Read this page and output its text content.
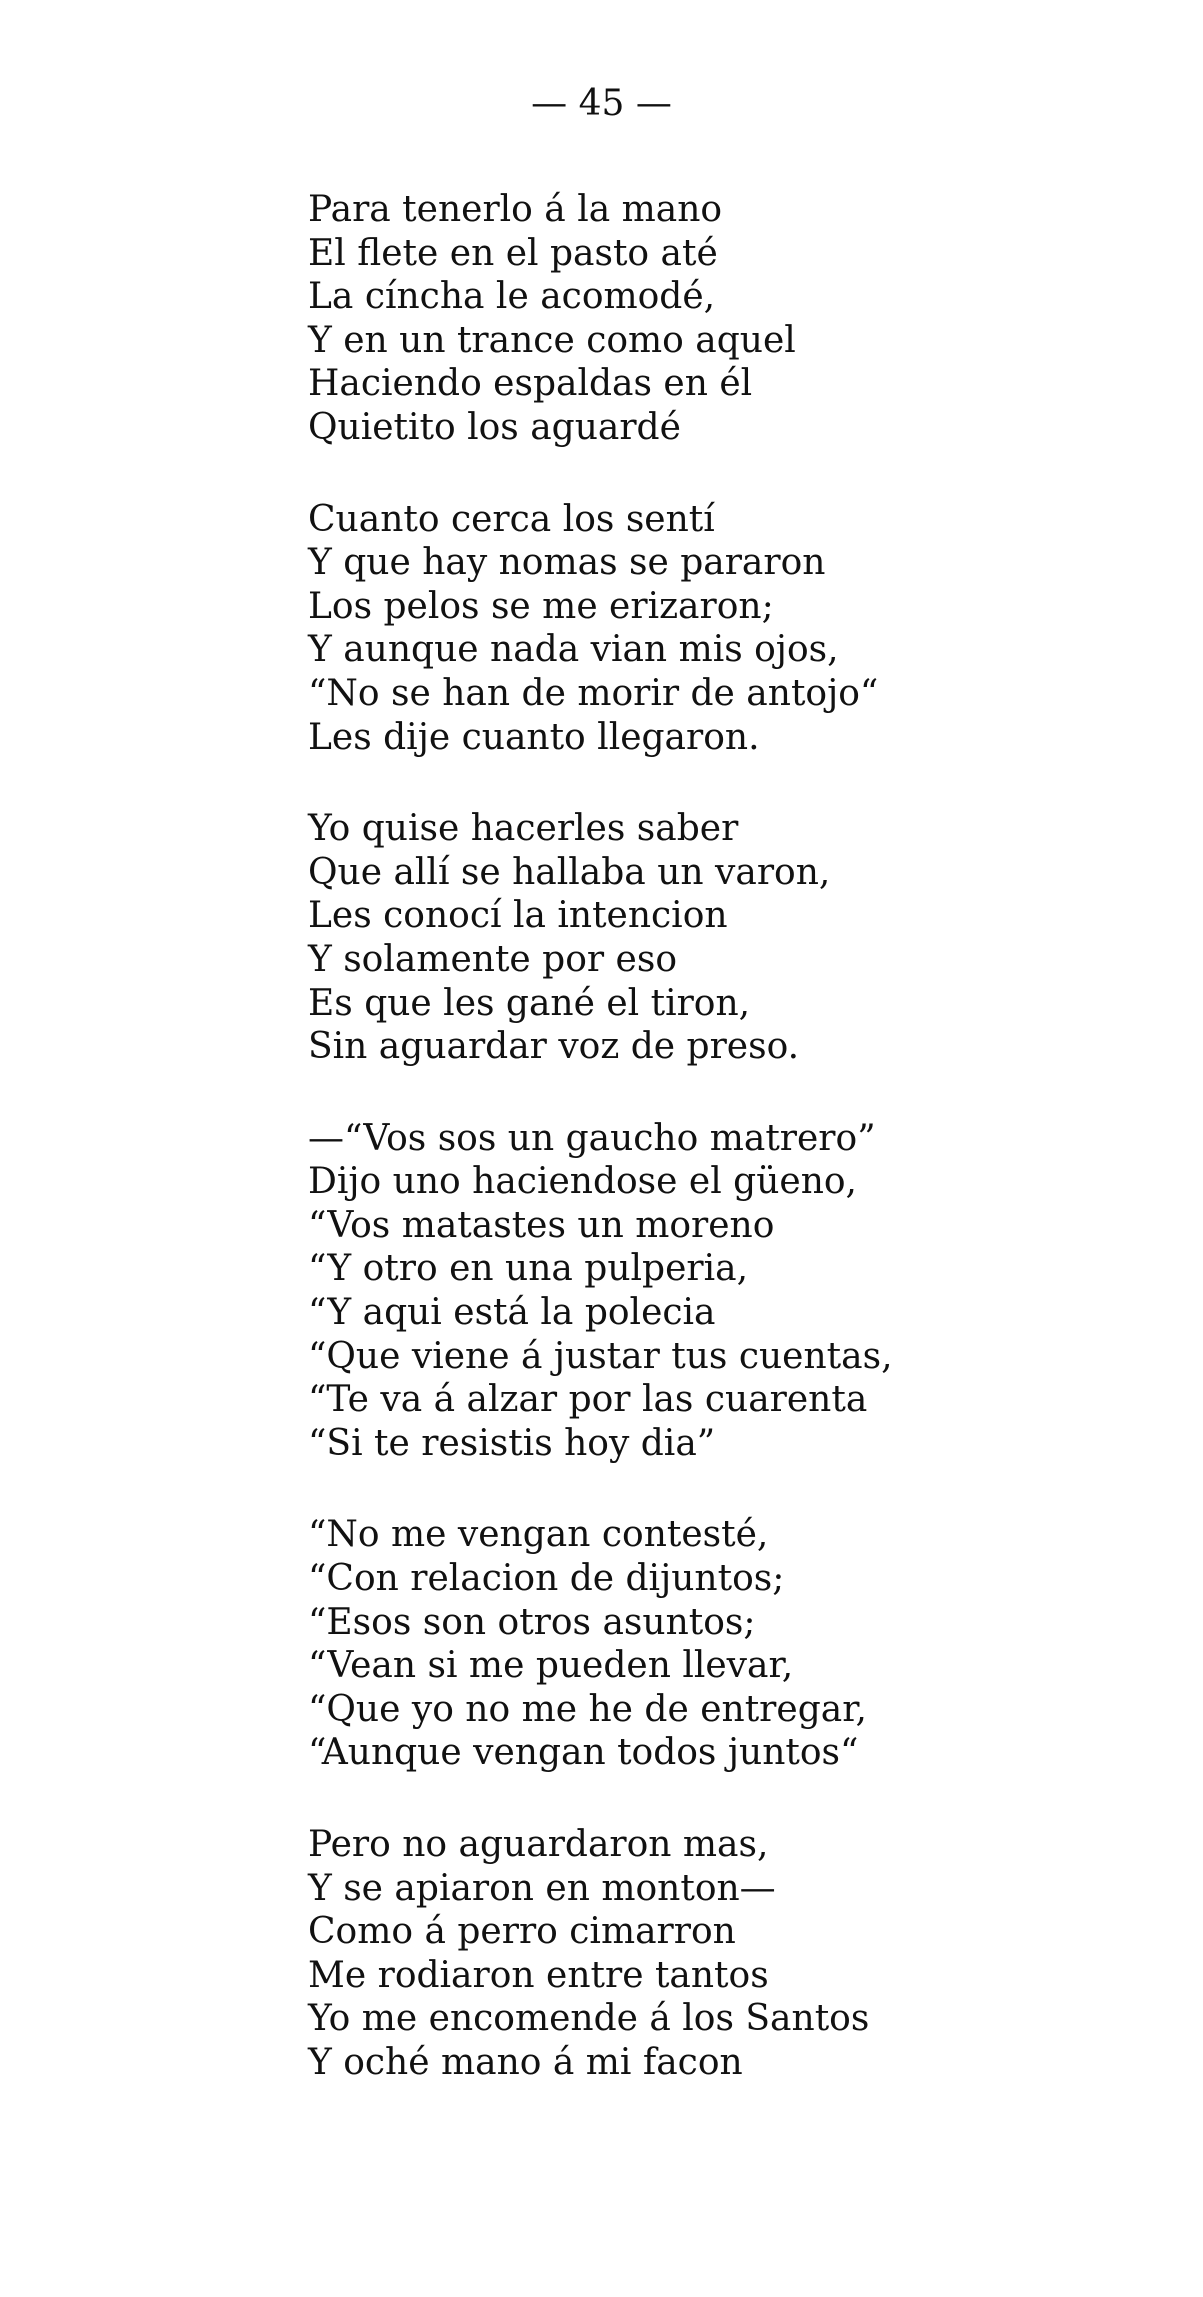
— 45 —
Para tenerlo á la mano
El flete en el pasto até
La cíncha le acomodé,
Y en un trance como aquel
Haciendo espaldas en él
Quietito los aguardé
Cuanto cerca los sentí
Y que hay nomas se pararon
Los pelos se me erizaron;
Y aunque nada vian mis ojos,
“No se han de morir de antojo“
Les dije cuanto llegaron.
Yo quise hacerles saber
Que allí se hallaba un varon,
Les conocí la intencion
Y solamente por eso
Es que les gané el tiron,
Sin aguardar voz de preso.
—“Vos sos un gaucho matrero”
Dijo uno haciendose el güeno,
“Vos matastes un moreno
“Y otro en una pulperia,
“Y aqui está la polecia
“Que viene á justar tus cuentas,
“Te va á alzar por las cuarenta
“Si te resistis hoy dia”
“No me vengan contesté,
“Con relacion de dijuntos;
“Esos son otros asuntos;
“Vean si me pueden llevar,
“Que yo no me he de entregar,
“Aunque vengan todos juntos“
Pero no aguardaron mas,
Y se apiaron en monton—
Como á perro cimarron
Me rodiaron entre tantos
Yo me encomende á los Santos
Y oché mano á mi facon
